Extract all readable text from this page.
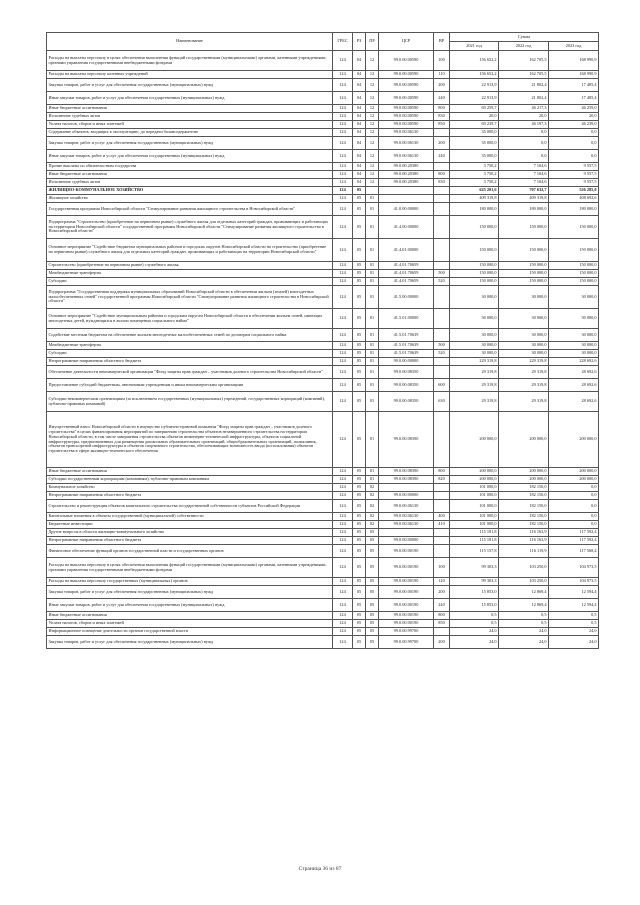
Наименование	ГРБС	РЗ	ПР	ЦСР	ВР	Сумма		
						2021 год	2022 год	2023 год
Расходы на выплаты персоналу в целях обеспечения выполнения функций государственными (муниципальными) органами, казенными учреждениями, органами управления государственными внебюджетными фондами	124	04	12	99.0.00.00590	100	156 652,2	162 705,5	168 990,9
Расходы на выплаты персоналу казенных учреждений	124	04	12	99.0.00.00590	110	156 652,2	162 705,5	168 990,9
Закупка товаров, работ и услуг для обеспечения государственных (муниципальных) нужд	124	04	12	99.0.00.00590	200	22 913,9	21 802,4	17 485,4
Иные закупки товаров, работ и услуг для обеспечения государственных (муниципальных) нужд	124	04	12	99.0.00.00590	240	22 913,9	21 802,4	17 485,4
Иные бюджетные ассигнования	124	04	12	99.0.00.00590	800	69 259,7	46 217,3	46 259,0
Исполнение судебных актов	124	04	12	99.0.00.00590	830	20,0	20,0	20,0
Уплата налогов, сборов и иных платежей	124	04	12	99.0.00.00590	850	69 239,7	46 197,3	46 239,0
Содержание объектов, входящих в эксплуатацию, до передачи балансодержателю	124	04	12	99.0.00.06130		35 000,0	0,0	0,0
Закупка товаров, работ и услуг для обеспечения государственных (муниципальных) нужд	124	04	12	99.0.00.06130	200	35 000,0	0,0	0,0
Иные закупки товаров, работ и услуг для обеспечения государственных (муниципальных) нужд	124	04	12	99.0.00.06130	240	35 000,0	0,0	0,0
Прочие выплаты по обязательствам государства	124	04	12	99.0.00.20380		3 750,2	7 104,6	9 557,5
Иные бюджетные ассигнования	124	04	12	99.0.00.20380	800	3 750,2	7 104,6	9 557,5
Исполнение судебных актов	124	04	12	99.0.00.20380	830	3 750,2	7 104,6	9 557,5
ЖИЛИЩНО-КОММУНАЛЬНОЕ ХОЗЯЙСТВО	124	05				625 201,6	707 632,7	526 285,0
Жилищное хозяйство	124	05	01			409 319,8	409 319,8	408 692,6
Государственная программа Новосибирской области "Стимулирование развития жилищного строительства в Новосибирской области"	124	05	01	41.0.00.00000		180 000,0	180 000,0	180 000,0
Подпрограмма "Строительство (приобретение на первичном рынке) служебного жилья для отдельных категорий граждан, проживающих и работающих на территории Новосибирской области" государственной программы Новосибирской области "Стимулирование развития жилищного строительства в Новосибирской области"	124	05	01	41.4.00.00000		150 000,0	150 000,0	150 000,0
Основное мероприятие "Содействие бюджетам муниципальных районов и городских округов Новосибирской области на строительство (приобретение на первичном рынке) служебного жилья для отдельных категорий граждан, проживающих и работающих на территории Новосибирской области"	124	05	01	41.4.01.00000		150 000,0	150 000,0	150 000,0
Строительство (приобретение на первичном рынке) служебного жилья	124	05	01	41.4.01.70659		150 000,0	150 000,0	150 000,0
Межбюджетные трансферты	124	05	01	41.4.01.70659	500	150 000,0	150 000,0	150 000,0
Субсидии	124	05	01	41.4.01.70659	520	150 000,0	150 000,0	150 000,0
Подпрограмма "Государственная поддержка муниципальных образований Новосибирской области в обеспечении жильем (землей) многодетных малообеспеченных семей" государственной программы Новосибирской области "Стимулирование развития жилищного строительства в Новосибирской области"	124	05	01	41.5.00.00000		30 000,0	30 000,0	30 000,0
Основное мероприятие "Содействие муниципальным районам и городским округам Новосибирской области в обеспечении жильем семей, имеющих многодетных детей, нуждающихся в жилом помещении социального найма"	124	05	01	41.5.01.00000		30 000,0	30 000,0	30 000,0
Содействие местным бюджетам на обеспечение жильем многодетных малообеспеченных семей по договорам социального найма	124	05	01	41.5.01.70639		30 000,0	30 000,0	30 000,0
Межбюджетные трансферты	124	05	01	41.5.01.70639	500	30 000,0	30 000,0	30 000,0
Субсидии	124	05	01	41.5.01.70639	520	30 000,0	30 000,0	30 000,0
Непрограммные направления областного бюджета	124	05	01	99.0.00.00000		229 319,8	229 319,8	228 692,6
Обеспечение деятельности некоммерческой организации "Фонд защиты прав граждан – участников долевого строительства Новосибирской области"	124	05	01	99.0.00.08350		29 319,8	29 319,8	28 692,6
Предоставление субсидий бюджетным, автономным учреждениям и иным некоммерческим организациям	124	05	01	99.0.00.08350	600	29 319,8	29 319,8	28 692,6
Субсидии некоммерческим организациям (за исключением государственных (муниципальных) учреждений, государственных корпораций (компаний), публично-правовых компаний)	124	05	01	99.0.00.08350	630	29 319,8	29 319,8	28 692,6
Имущественный взнос Новосибирской области в имущество публично-правовой компании "Фонд защиты прав граждан – участников долевого строительства" в целях финансирования мероприятий по завершению строительства объектов незавершенного строительства на территории Новосибирской области, в том числе завершения строительства объектов инженерно-технической инфраструктуры, объектов социальной инфраструктуры, предназначенных для размещения дошкольных образовательных организаций, общеобразовательных организаций, поликлиник, объектов транспортной инфраструктуры и объектов спортивного строительства, обеспечивающих возможность ввода (использования) объектов строительства в сфере жилищно-технического обеспечения	124	05	01	99.0.00.08390		200 000,0	200 000,0	200 000,0
Иные бюджетные ассигнования	124	05	01	99.0.00.08390	800	200 000,0	200 000,0	200 000,0
Субсидии государственным корпорациям (компаниям), публично-правовым компаниям	124	05	01	99.0.00.08390	820	200 000,0	200 000,0	200 000,0
Коммунальное хозяйство	124	05	02			101 000,0	182 150,0	0,0
Непрограммные направления областного бюджета	124	05	02	99.0.00.00000		101 000,0	182 150,0	0,0
Строительство и реконструкция объектов капитального строительства государственной собственности субъектов Российской Федерации	124	05	02	99.0.00.06130		101 000,0	182 150,0	0,0
Капитальные вложения в объекты государственной (муниципальной) собственности	124	05	02	99.0.00.06130	400	101 000,0	182 150,0	0,0
Бюджетные инвестиции	124	05	02	99.0.00.06130	410	101 000,0	182 150,0	0,0
Другие вопросы в области жилищно-коммунального хозяйства	124	05	05			115 181,8	116 163,9	117 592,4
Непрограммные направления областного бюджета	124	05	05	99.0.00.00000		115 181,8	116 163,9	117 592,4
Финансовое обеспечение функций органов государственной власти и государственных органов	124	05	05	99.0.00.00190		115 157,8	116 119,9	117 568,4
Расходы на выплаты персоналу в целях обеспечения выполнения функций государственными (муниципальными) органами, казенными учреждениями, органами управления государственными внебюджетными фондами	124	05	05	99.0.00.00190	100	99 303,3	103 250,0	104 973,5
Расходы на выплаты персоналу государственных (муниципальных) органов	124	05	05	99.0.00.00190	120	99 303,3	103 250,0	104 973,5
Закупка товаров, работ и услуг для обеспечения государственных (муниципальных) нужд	124	05	05	99.0.00.00190	200	15 853,0	12 869,4	12 594,4
Иные закупки товаров, работ и услуг для обеспечения государственных (муниципальных) нужд	124	05	05	99.0.00.00190	240	15 853,0	12 869,4	12 594,4
Иные бюджетные ассигнования	124	05	05	99.0.00.00190	800	0,5	0,5	0,5
Уплата налогов, сборов и иных платежей	124	05	05	99.0.00.00190	850	0,5	0,5	0,5
Информационное освещение деятельности органов государственной власти	124	05	05	99.0.00.99700		24,0	24,0	24,0
Закупка товаров, работ и услуг для обеспечения государственных (муниципальных) нужд	124	05	05	99.0.00.99700	200	24,0	24,0	24,0
Страница 36 из 87
